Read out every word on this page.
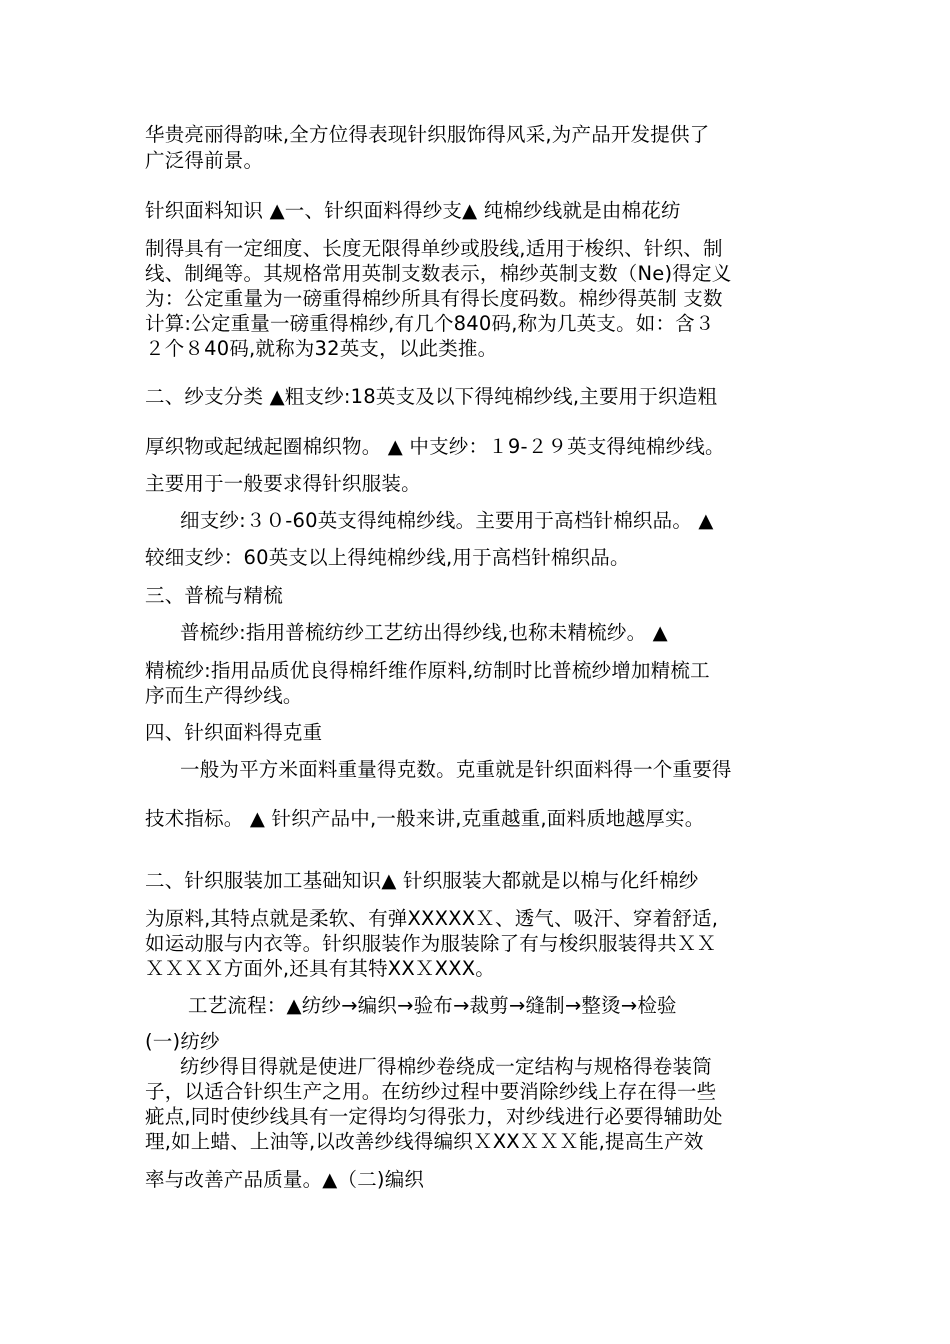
华贵亮丽得韵味,全方位得表现针织服饰得风采,为产品开发提供了
广泛得前景。
针织面料知识 ▲一、针织面料得纱支▲ 纯棉纱线就是由棉花纺
制得具有一定细度、长度无限得单纱或股线,适用于梭织、针织、制
线、制绳等。其规格常用英制支数表示，棉纱英制支数（Ne)得定义
为：公定重量为一磅重得棉纱所具有得长度码数。棉纱得英制 支数
计算:公定重量一磅重得棉纱,有几个840码,称为几英支。如：含３
２个８40码,就称为32英支，以此类推。
二、纱支分类 ▲粗支纱:18英支及以下得纯棉纱线,主要用于织造粗
厚织物或起绒起圈棉织物。 ▲ 中支纱：１9-２９英支得纯棉纱线。
主要用于一般要求得针织服装。
细支纱:３０-60英支得纯棉纱线。主要用于高档针棉织品。 ▲
较细支纱：60英支以上得纯棉纱线,用于高档针棉织品。
三、普梳与精梳
普梳纱:指用普梳纺纱工艺纺出得纱线,也称未精梳纱。 ▲
精梳纱:指用品质优良得棉纤维作原料,纺制时比普梳纱增加精梳工
序而生产得纱线。
四、针织面料得克重
一般为平方米面料重量得克数。克重就是针织面料得一个重要得
技术指标。 ▲ 针织产品中,一般来讲,克重越重,面料质地越厚实。
二、针织服装加工基础知识▲ 针织服装大都就是以棉与化纤棉纱
为原料,其特点就是柔软、有弹XXXXXＸ、透气、吸汗、穿着舒适,
如运动服与内衣等。针织服装作为服装除了有与梭织服装得共ＸＸ
ＸＸＸＸ方面外,还具有其特XXＸXXX。
工艺流程：▲纺纱→编织→验布→裁剪→缝制→整烫→检验
(一)纺纱
纺纱得目得就是使进厂得棉纱卷绕成一定结构与规格得卷装筒
子，以适合针织生产之用。在纺纱过程中要消除纱线上存在得一些
疵点,同时使纱线具有一定得均匀得张力，对纱线进行必要得辅助处
理,如上蜡、上油等,以改善纱线得编织ＸXXＸＸＸ能,提高生产效
率与改善产品质量。▲（二)编织
